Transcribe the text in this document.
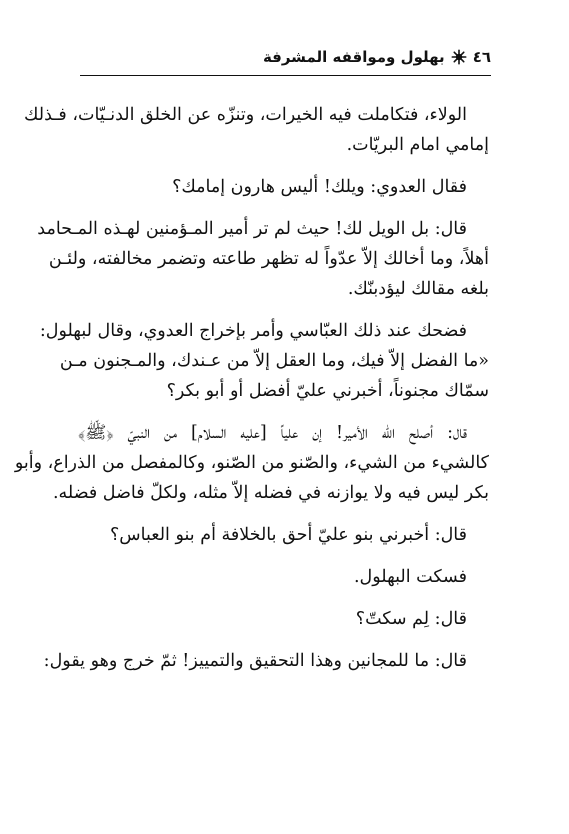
٤٦
بهلول ومواقفه المشرفة

الولاء، فتكاملت فيه الخيرات، وتنزّه عن الخلق الدنـيّات، فـذلك
إمامي امام البريّات.

فقال العدوي: ويلك! أليس هارون إمامك؟

قال: بل الويل لك! حيث لم تر أمير المـؤمنين لهـذه المـحامد
أهلاً، وما أخالك إلاّ عدّواً له تظهر طاعته وتضمر مخالفته، ولئـن
بلغه مقالك ليؤدبنّك.

فضحك عند ذلك العبّاسي وأمر بإخراج العدوي، وقال لبهلول:
«ما الفضل إلاّ فيك، وما العقل إلاّ من عـندك، والمـجنون مـن
سمّاك مجنوناً، أخبرني عليّ أفضل أو أبو بكر؟

قال: أصلح الله الأمير! إن علياً [عليه السلام] من النبيّ ﴿ﷺ﴾
كالشيء من الشيء، والصّنو من الصّنو، وكالمفصل من الذراع، وأبو
بكر ليس فيه ولا يوازنه في فضله إلاّ مثله، ولكلّ فاضل فضله.

قال: أخبرني بنو عليّ أحق بالخلافة أم بنو العباس؟

فسكت البهلول.

قال: لِم سكتّ؟

قال: ما للمجانين وهذا التحقيق والتمييز! ثمّ خرج وهو يقول:
